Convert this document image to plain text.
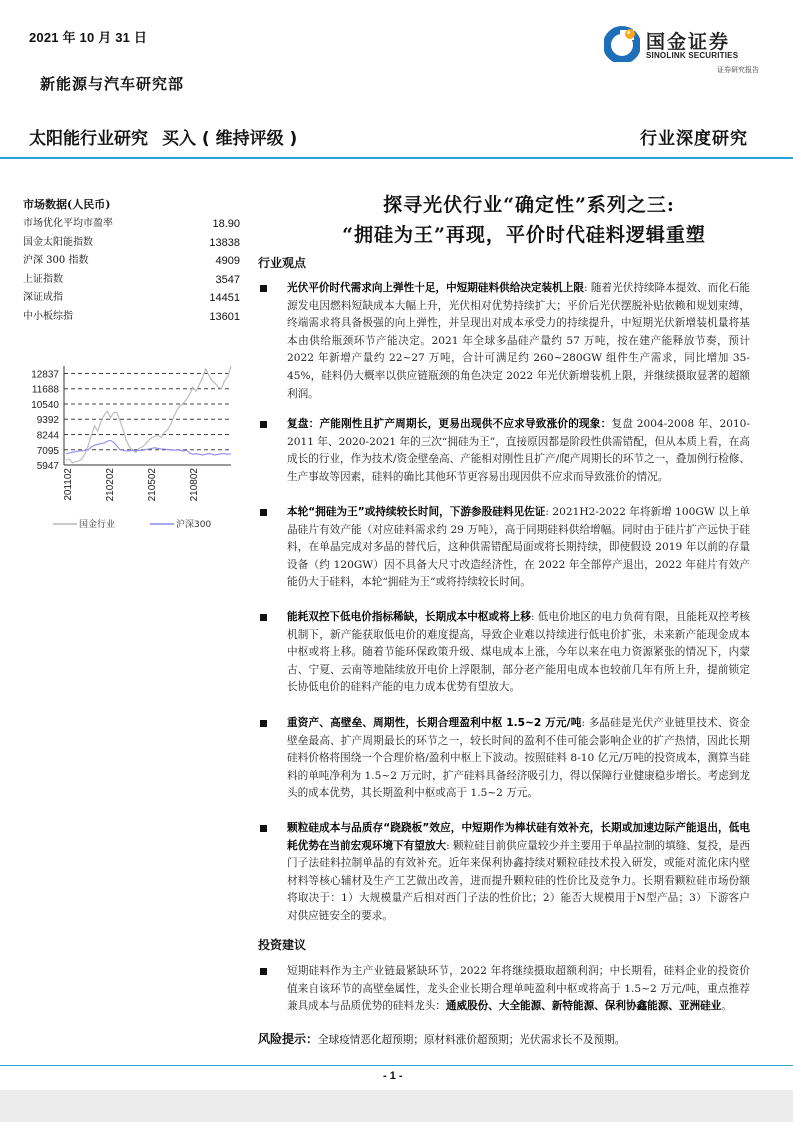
2021 年 10 月 31 日
新能源与汽车研究部
国金证券
SINOLINK SECURITIES
证券研究报告
太阳能行业研究 买入 ( 维持评级 )	行业深度研究
市场数据(人民币)
市场优化平均市盈率	18.90
国金太阳能指数	13838
沪深 300 指数	4909
上证指数	3547
深证成指	14451
中小板综指	13601
12837
11688
10540
9392
8244
7095
5947
201102	210202	210502	210802
国金行业	沪深300
探寻光伏行业“确定性”系列之三:
“拥硅为王”再现，平价时代硅料逻辑重塑
行业观点
光伏平价时代需求向上弹性十足，中短期硅料供给决定装机上限: 随着光伏持续降本提效、而化石能源发电因燃料短缺成本大幅上升，光伏相对优势持续扩大；平价后光伏摆脱补贴依赖和规划束缚，终端需求将具备极强的向上弹性，并呈现出对成本承受力的持续提升，中短期光伏新增装机量将基本由供给瓶颈环节产能决定。2021 年全球多晶硅产量约 57 万吨，按在建产能释放节奏，预计 2022 年新增产量约 22~27 万吨，合计可满足约 260~280GW 组件生产需求，同比增加 35-45%，硅料仍大概率以供应链瓶颈的角色决定 2022 年光伏新增装机上限，并继续摄取显著的超额利润。
复盘：产能刚性且扩产周期长，更易出现供不应求导致涨价的现象：复盘 2004-2008 年、2010-2011 年、2020-2021 年的三次“拥硅为王”，直接原因都是阶段性供需错配，但从本质上看，在高成长的行业，作为技术/资金壁垒高、产能相对刚性且扩产/爬产周期长的环节之一，叠加例行检修、生产事故等因素，硅料的确比其他环节更容易出现因供不应求而导致涨价的情况。
本轮“拥硅为王”或持续较长时间，下游参股硅料见佐证: 2021H2-2022 年将新增 100GW 以上单晶硅片有效产能（对应硅料需求约 29 万吨），高于同期硅料供给增幅。同时由于硅片扩产远快于硅料，在单晶完成对多晶的替代后，这种供需错配局面或将长期持续，即使假设 2019 年以前的存量设备（约 120GW）因不具备大尺寸改造经济性，在 2022 年全部停产退出，2022 年硅片有效产能仍大于硅料，本轮“拥硅为王”或将持续较长时间。
能耗双控下低电价指标稀缺，长期成本中枢或将上移: 低电价地区的电力负荷有限，且能耗双控考核机制下，新产能获取低电价的难度提高，导致企业难以持续进行低电价扩张，未来新产能现金成本中枢或将上移。随着节能环保政策升级、煤电成本上涨，今年以来在电力资源紧张的情况下，内蒙古、宁夏、云南等地陆续放开电价上浮限制，部分老产能用电成本也较前几年有所上升，提前锁定长协低电价的硅料产能的电力成本优势有望放大。
重资产、高壁垒、周期性，长期合理盈利中枢 1.5~2 万元/吨: 多晶硅是光伏产业链里技术、资金壁垒最高、扩产周期最长的环节之一，较长时间的盈利不佳可能会影响企业的扩产热情，因此长期硅料价格将围绕一个合理价格/盈利中枢上下波动。按照硅料 8-10 亿元/万吨的投资成本，测算当硅料的单吨净利为 1.5~2 万元时，扩产硅料具备经济吸引力，得以保障行业健康稳步增长。考虑到龙头的成本优势，其长期盈利中枢或高于 1.5~2 万元。
颗粒硅成本与品质存“跷跷板”效应，中短期作为棒状硅有效补充，长期或加速边际产能退出，低电耗优势在当前宏观环境下有望放大: 颗粒硅目前供应量较少并主要用于单晶拉制的填缝、复投，是西门子法硅料拉制单晶的有效补充。近年来保利协鑫持续对颗粒硅技术投入研发，或能对流化床内壁材料等核心辅材及生产工艺做出改善，进而提升颗粒硅的性价比及竞争力。长期看颗粒硅市场份额将取决于：1）大规模量产后相对西门子法的性价比；2）能否大规模用于N型产品；3）下游客户对供应链安全的要求。
投资建议
短期硅料作为主产业链最紧缺环节，2022 年将继续摄取超额利润；中长期看，硅料企业的投资价值来自该环节的高壁垒属性，龙头企业长期合理单吨盈利中枢或将高于 1.5~2 万元/吨，重点推荐兼具成本与品质优势的硅料龙头：通威股份、大全能源、新特能源、保利协鑫能源、亚洲硅业。
风险提示：全球疫情恶化超预期；原材料涨价超预期；光伏需求长不及预期。
- 1 -
